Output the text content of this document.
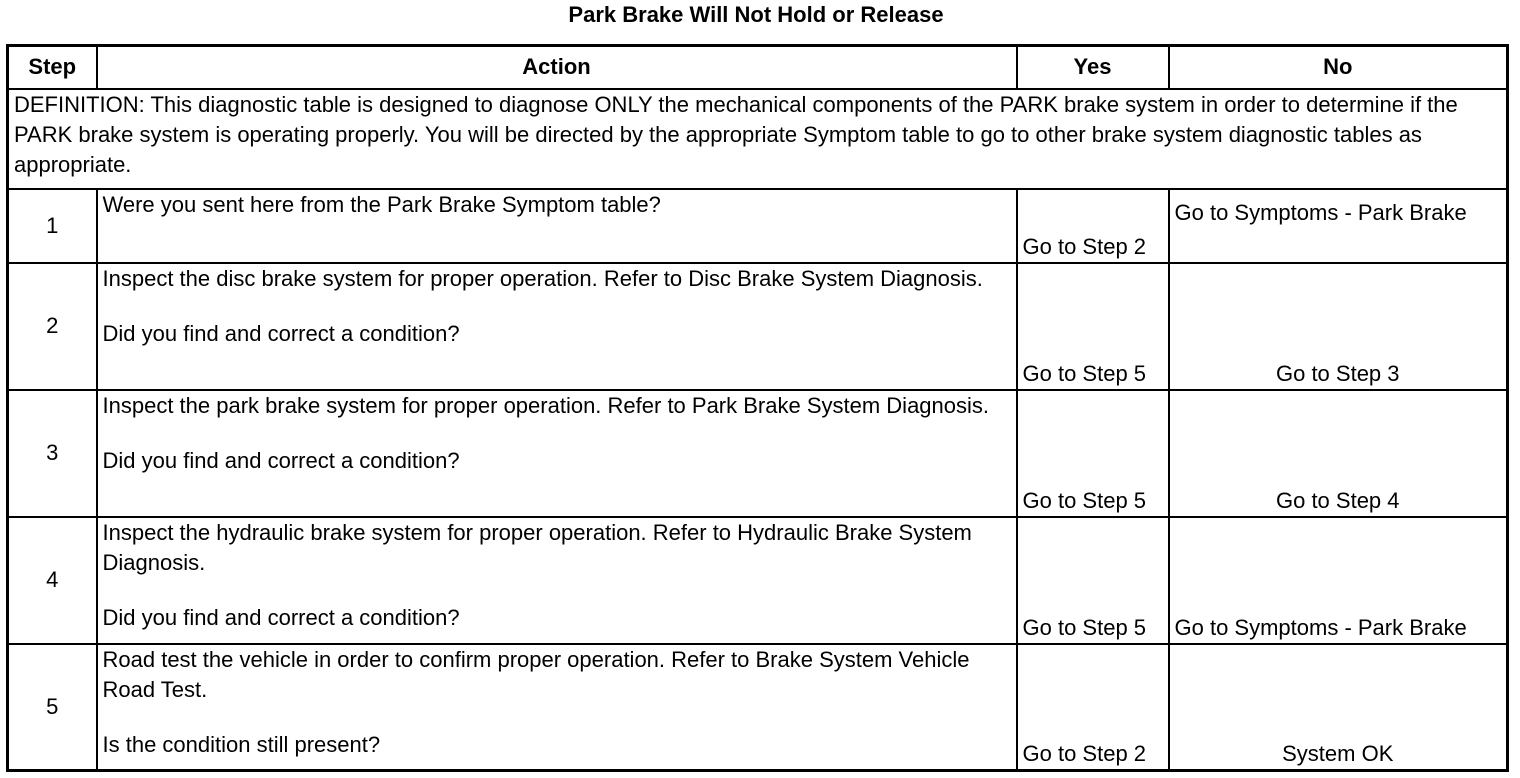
Park Brake Will Not Hold or Release
Step	Action	Yes	No
DEFINITION: This diagnostic table is designed to diagnose ONLY the mechanical components of the PARK brake system in order to determine if the PARK brake system is operating properly. You will be directed by the appropriate Symptom table to go to other brake system diagnostic tables as appropriate.			
1	Were you sent here from the Park Brake Symptom table?	Go to Step 2	Go to Symptoms - Park Brake
2	Inspect the disc brake system for proper operation. Refer to Disc Brake System Diagnosis.
Did you find and correct a condition?	Go to Step 5	Go to Step 3
3	Inspect the park brake system for proper operation. Refer to Park Brake System Diagnosis.
Did you find and correct a condition?	Go to Step 5	Go to Step 4
4	Inspect the hydraulic brake system for proper operation. Refer to Hydraulic Brake System Diagnosis.
Did you find and correct a condition?	Go to Step 5	Go to Symptoms - Park Brake
5	Road test the vehicle in order to confirm proper operation. Refer to Brake System Vehicle Road Test.
Is the condition still present?	Go to Step 2	System OK
